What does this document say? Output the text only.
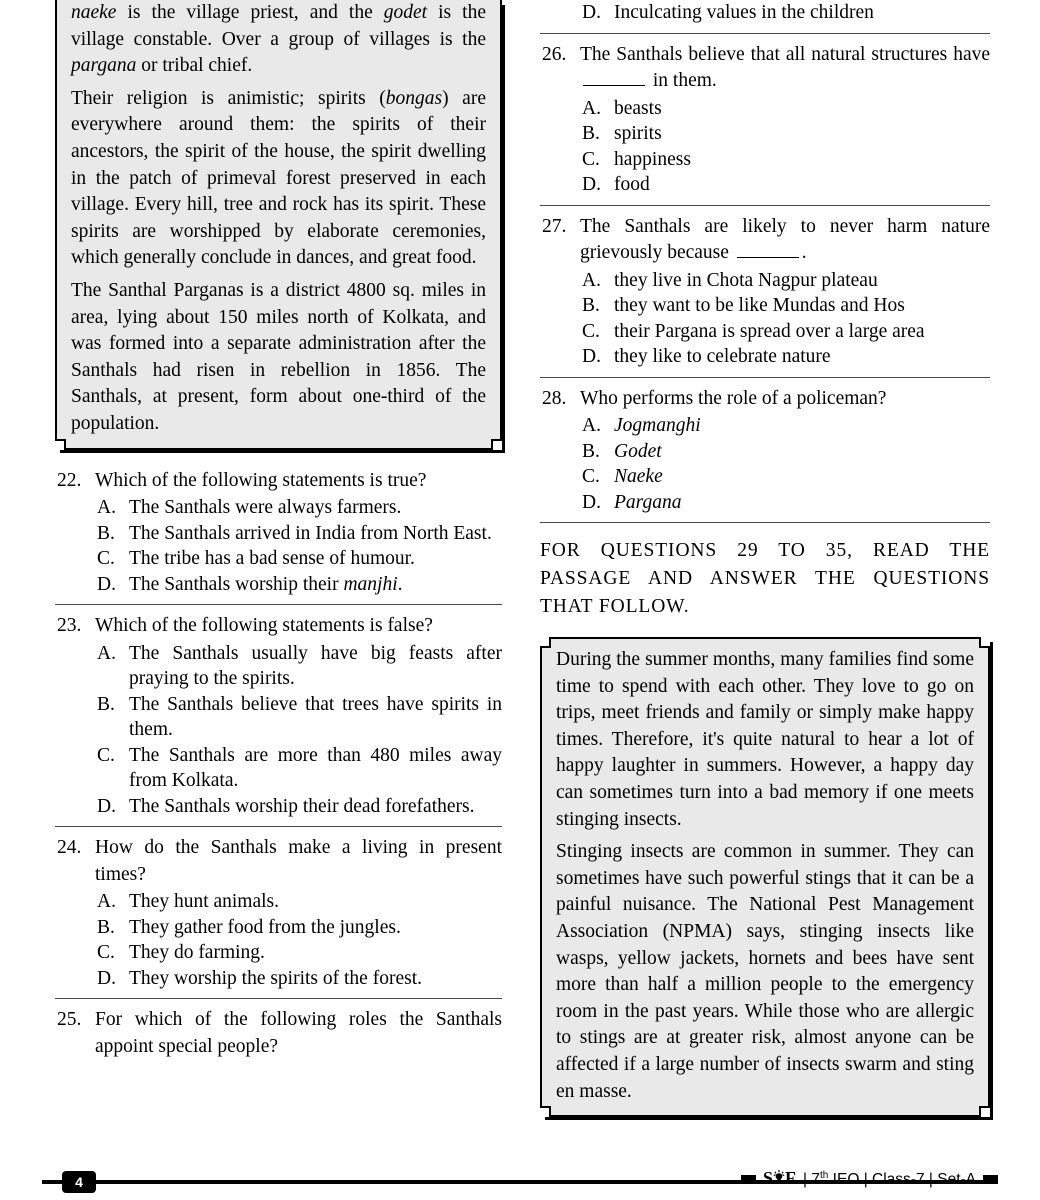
naeke is the village priest, and the godet is the village constable. Over a group of villages is the pargana or tribal chief.

Their religion is animistic; spirits (bongas) are everywhere around them: the spirits of their ancestors, the spirit of the house, the spirit dwelling in the patch of primeval forest preserved in each village. Every hill, tree and rock has its spirit. These spirits are worshipped by elaborate ceremonies, which generally conclude in dances, and great food.

The Santhal Parganas is a district 4800 sq. miles in area, lying about 150 miles north of Kolkata, and was formed into a separate administration after the Santhals had risen in rebellion in 1856. The Santhals, at present, form about one-third of the population.

22. Which of the following statements is true?
A. The Santhals were always farmers.
B. The Santhals arrived in India from North East.
C. The tribe has a bad sense of humour.
D. The Santhals worship their manjhi.
23. Which of the following statements is false?
A. The Santhals usually have big feasts after praying to the spirits.
B. The Santhals believe that trees have spirits in them.
C. The Santhals are more than 480 miles away from Kolkata.
D. The Santhals worship their dead forefathers.
24. How do the Santhals make a living in present times?
A. They hunt animals.
B. They gather food from the jungles.
C. They do farming.
D. They worship the spirits of the forest.
25. For which of the following roles the Santhals appoint special people?
D. Inculcating values in the children
26. The Santhals believe that all natural structures have  in them.
A. beasts
B. spirits
C. happiness
D. food
27. The Santhals are likely to never harm nature grievously because	.
A. they live in Chota Nagpur plateau
B. they want to be like Mundas and Hos
C. their Pargana is spread over a large area
D. they like to celebrate nature
28. Who performs the role of a policeman?
A. Jogmanghi
B. Godet
C. Naeke
D. Pargana
FOR QUESTIONS 29 TO 35, READ THE PASSAGE AND ANSWER THE QUESTIONS THAT FOLLOW.

During the summer months, many families find some time to spend with each other. They love to go on trips, meet friends and family or simply make happy times. Therefore, it's quite natural to hear a lot of happy laughter in summers. However, a happy day can sometimes turn into a bad memory if one meets stinging insects.

Stinging insects are common in summer. They can sometimes have such powerful stings that it can be a painful nuisance. The National Pest Management Association (NPMA) says, stinging insects like wasps, yellow jackets, hornets and bees have sent more than half a million people to the emergency room in the past years. While those who are allergic to stings are at greater risk, almost anyone can be affected if a large number of insects swarm and sting en masse.

4	S F | 7th IEO | Class-7 | Set-A
